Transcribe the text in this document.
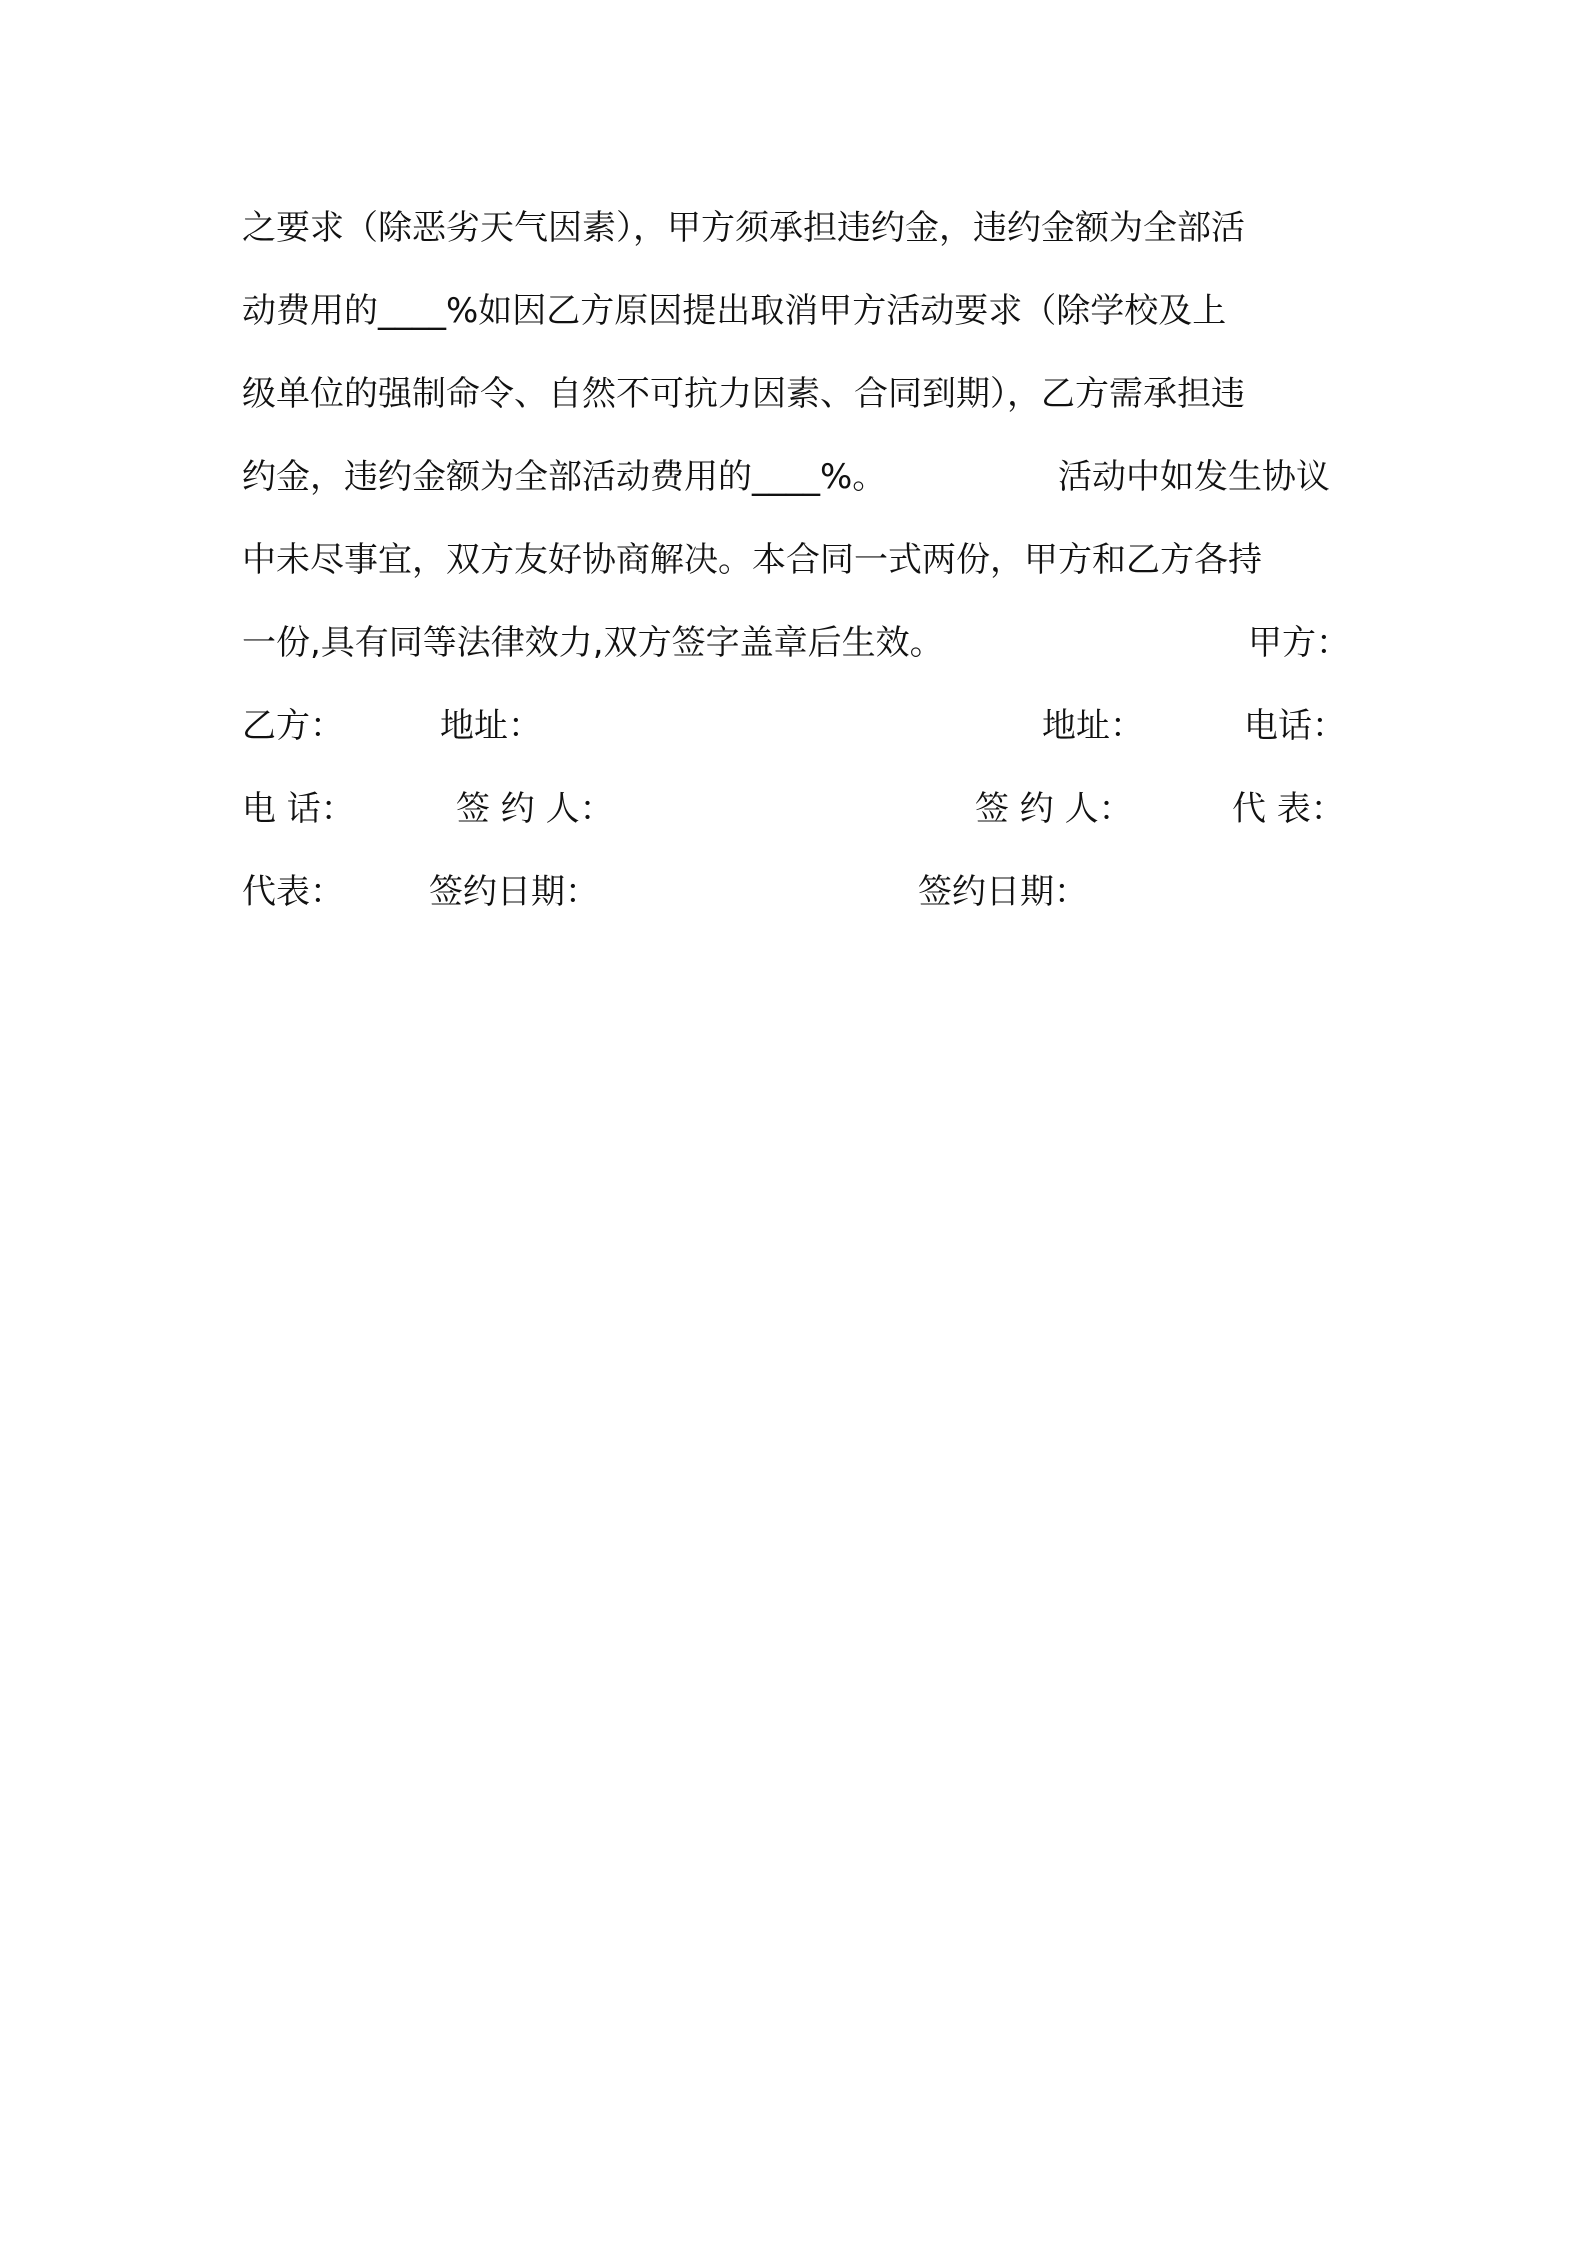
之要求（除恶劣天气因素），甲方须承担违约金，违约金额为全部活
动费用的____%如因乙方原因提出取消甲方活动要求（除学校及上
级单位的强制命令、自然不可抗力因素、合同到期），乙方需承担违
约金，违约金额为全部活动费用的____%。	活动中如发生协议
中未尽事宜，双方友好协商解决。本合同一式两份，甲方和乙方各持
一份,具有同等法律效力,双方签字盖章后生效。	甲方：
乙方：	地址：	地址：	电话：
电 话：	签 约 人：	签 约 人：	代 表：
代表：	签约日期：	签约日期：
